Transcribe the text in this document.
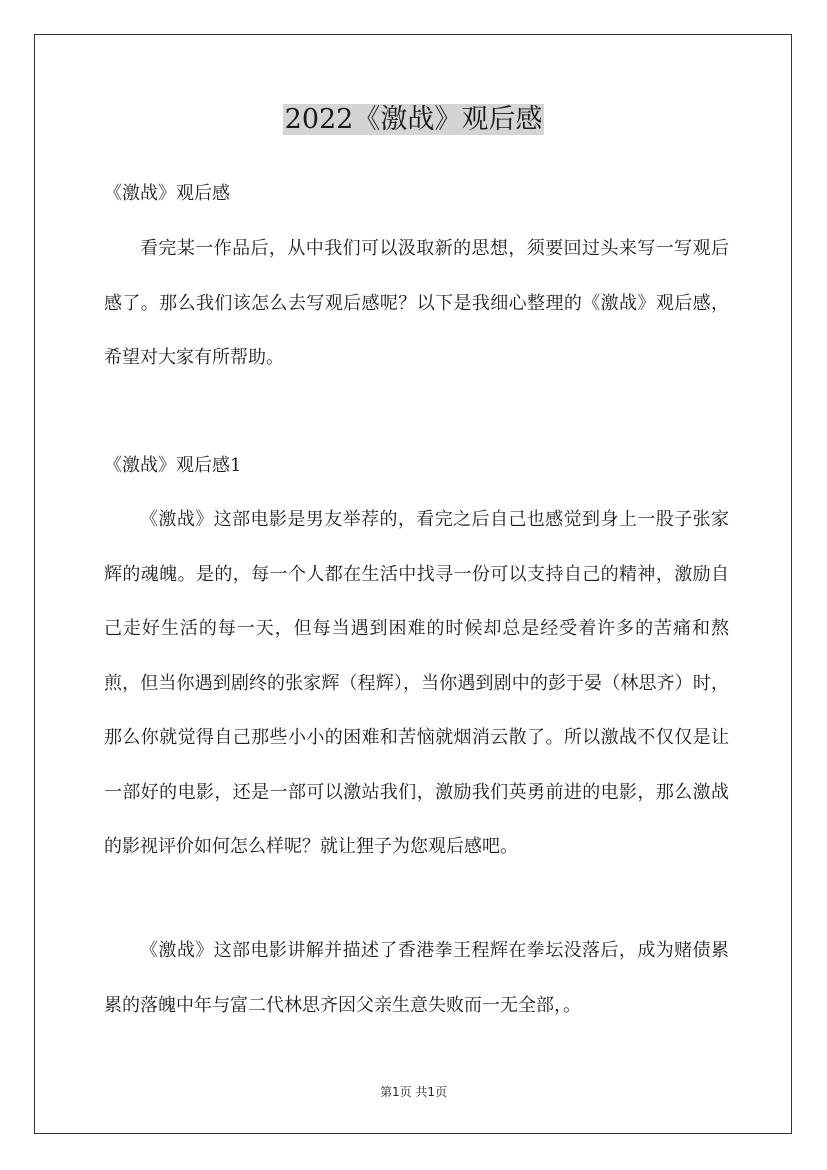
2022《激战》观后感

《激战》观后感

看完某一作品后，从中我们可以汲取新的思想，须要回过头来写一写观后感了。那么我们该怎么去写观后感呢？以下是我细心整理的《激战》观后感，希望对大家有所帮助。

《激战》观后感1

《激战》这部电影是男友举荐的，看完之后自己也感觉到身上一股子张家辉的魂魄。是的，每一个人都在生活中找寻一份可以支持自己的精神，激励自己走好生活的每一天，但每当遇到困难的时候却总是经受着许多的苦痛和熬煎，但当你遇到剧终的张家辉（程辉），当你遇到剧中的彭于晏（林思齐）时，那么你就觉得自己那些小小的困难和苦恼就烟消云散了。所以激战不仅仅是让一部好的电影，还是一部可以激站我们，激励我们英勇前进的电影，那么激战的影视评价如何怎么样呢？就让狸子为您观后感吧。

《激战》这部电影讲解并描述了香港拳王程辉在拳坛没落后，成为赌债累累的落魄中年与富二代林思齐因父亲生意失败而一无全部，。

第1页 共1页
